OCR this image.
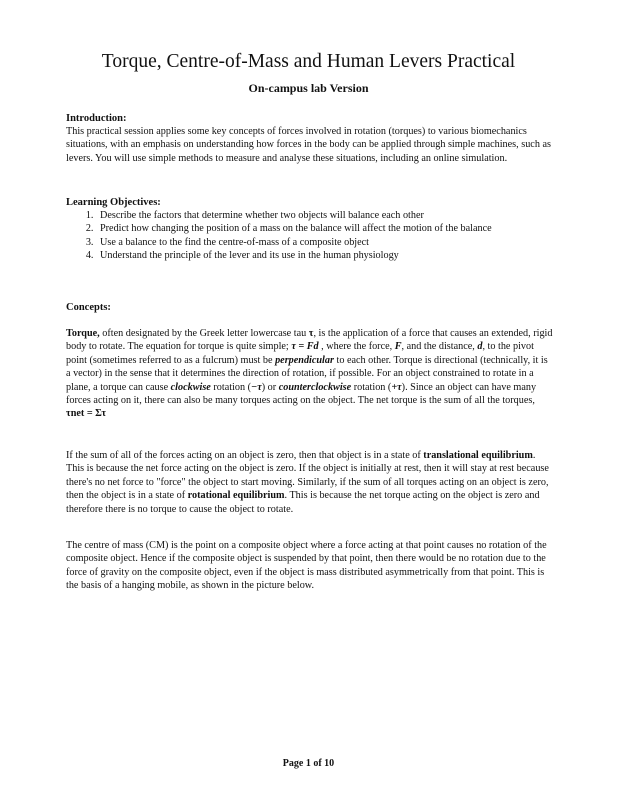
Torque, Centre-of-Mass and Human Levers Practical
On-campus lab Version
Introduction:

This practical session applies some key concepts of forces involved in rotation (torques) to various biomechanics situations, with an emphasis on understanding how forces in the body can be applied through simple machines, such as levers. You will use simple methods to measure and analyse these situations, including an online simulation.

Learning Objectives:
1. Describe the factors that determine whether two objects will balance each other
2. Predict how changing the position of a mass on the balance will affect the motion of the balance
3. Use a balance to the find the centre-of-mass of a composite object
4. Understand the principle of the lever and its use in the human physiology
Concepts:

Torque, often designated by the Greek letter lowercase tau τ, is the application of a force that causes an extended, rigid body to rotate. The equation for torque is quite simple; τ = Fd , where the force, F, and the distance, d, to the pivot point (sometimes referred to as a fulcrum) must be perpendicular to each other. Torque is directional (technically, it is a vector) in the sense that it determines the direction of rotation, if possible. For an object constrained to rotate in a plane, a torque can cause clockwise rotation (−τ) or counterclockwise rotation (+τ). Since an object can have many forces acting on it, there can also be many torques acting on the object. The net torque is the sum of all the torques, τnet = Στ

If the sum of all of the forces acting on an object is zero, then that object is in a state of translational equilibrium. This is because the net force acting on the object is zero. If the object is initially at rest, then it will stay at rest because there's no net force to "force" the object to start moving. Similarly, if the sum of all torques acting on an object is zero, then the object is in a state of rotational equilibrium. This is because the net torque acting on the object is zero and therefore there is no torque to cause the object to rotate.

The centre of mass (CM) is the point on a composite object where a force acting at that point causes no rotation of the composite object. Hence if the composite object is suspended by that point, then there would be no rotation due to the force of gravity on the composite object, even if the object is mass distributed asymmetrically from that point. This is the basis of a hanging mobile, as shown in the picture below.

Page 1 of 10
